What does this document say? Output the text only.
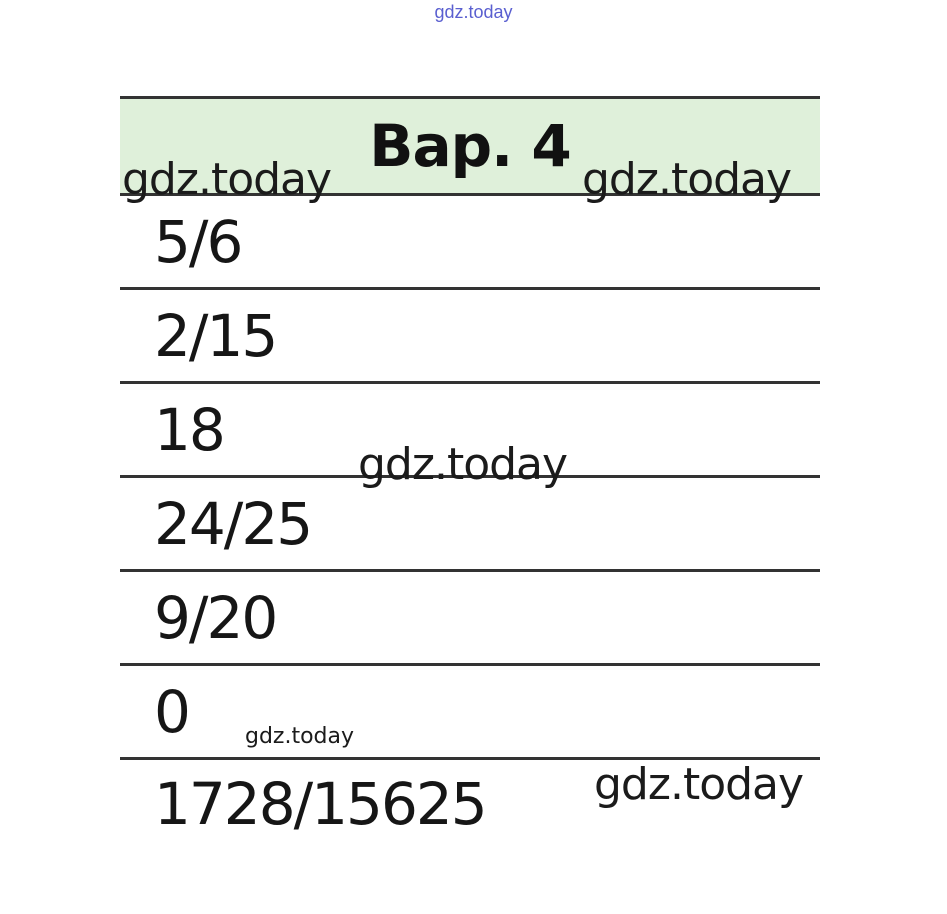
gdz.today
Вар. 4
5/6
2/15
18
24/25
9/20
0
1728/15625
gdz.today	gdz.today
gdz.today
gdz.today
gdz.today
